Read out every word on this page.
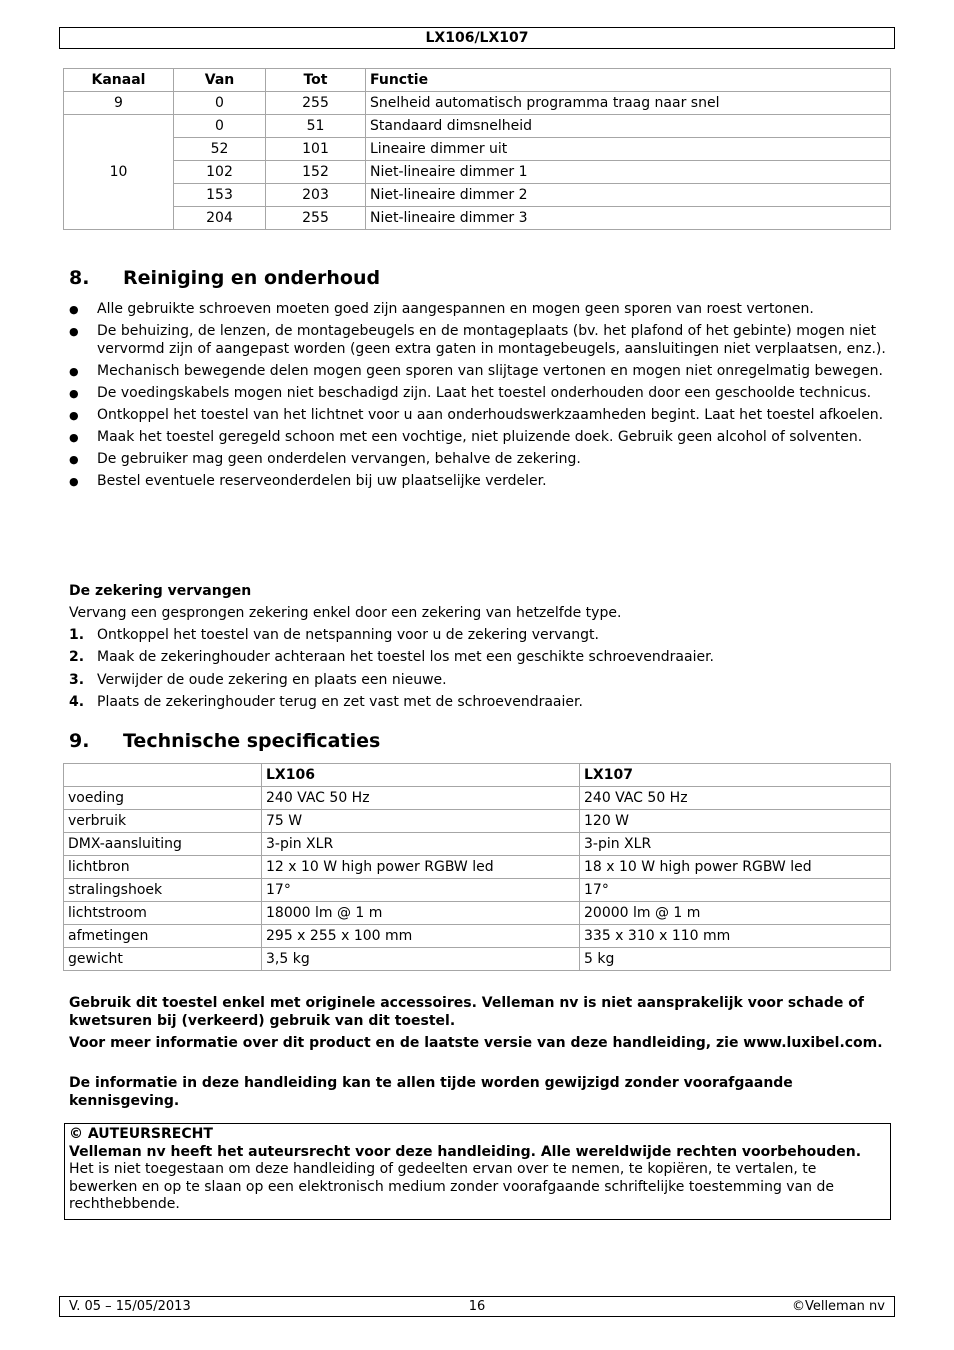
LX106/LX107
Kanaal	Van	Tot	Functie
9	0	255	Snelheid automatisch programma traag naar snel
10	0	51	Standaard dimsnelheid
	52	101	Lineaire dimmer uit
	102	152	Niet-lineaire dimmer 1
	153	203	Niet-lineaire dimmer 2
	204	255	Niet-lineaire dimmer 3
8. Reiniging en onderhoud
● Alle gebruikte schroeven moeten goed zijn aangespannen en mogen geen sporen van roest vertonen.
● De behuizing, de lenzen, de montagebeugels en de montageplaats (bv. het plafond of het gebinte) mogen niet vervormd zijn of aangepast worden (geen extra gaten in montagebeugels, aansluitingen niet verplaatsen, enz.).
● Mechanisch bewegende delen mogen geen sporen van slijtage vertonen en mogen niet onregelmatig bewegen.
● De voedingskabels mogen niet beschadigd zijn. Laat het toestel onderhouden door een geschoolde technicus.
● Ontkoppel het toestel van het lichtnet voor u aan onderhoudswerkzaamheden begint. Laat het toestel afkoelen.
● Maak het toestel geregeld schoon met een vochtige, niet pluizende doek. Gebruik geen alcohol of solventen.
● De gebruiker mag geen onderdelen vervangen, behalve de zekering.
● Bestel eventuele reserveonderdelen bij uw plaatselijke verdeler.

De zekering vervangen

Vervang een gesprongen zekering enkel door een zekering van hetzelfde type.

1. Ontkoppel het toestel van de netspanning voor u de zekering vervangt.
2. Maak de zekeringhouder achteraan het toestel los met een geschikte schroevendraaier.
3. Verwijder de oude zekering en plaats een nieuwe.
4. Plaats de zekeringhouder terug en zet vast met de schroevendraaier.
9. Technische specificaties
	LX106	LX107
voeding	240 VAC 50 Hz	240 VAC 50 Hz
verbruik	75 W	120 W
DMX-aansluiting	3-pin XLR	3-pin XLR
lichtbron	12 x 10 W high power RGBW led	18 x 10 W high power RGBW led
stralingshoek	17°	17°
lichtstroom	18000 lm @ 1 m	20000 lm @ 1 m
afmetingen	295 x 255 x 100 mm	335 x 310 x 110 mm
gewicht	3,5 kg	5 kg

Gebruik dit toestel enkel met originele accessoires. Velleman nv is niet aansprakelijk voor schade of kwetsuren bij (verkeerd) gebruik van dit toestel.

Voor meer informatie over dit product en de laatste versie van deze handleiding, zie www.luxibel.com.

De informatie in deze handleiding kan te allen tijde worden gewijzigd zonder voorafgaande kennisgeving.

© AUTEURSRECHT
Velleman nv heeft het auteursrecht voor deze handleiding. Alle wereldwijde rechten voorbehouden.
Het is niet toegestaan om deze handleiding of gedeelten ervan over te nemen, te kopiëren, te vertalen, te bewerken en op te slaan op een elektronisch medium zonder voorafgaande schriftelijke toestemming van de rechthebbende.
V. 05 – 15/05/2013	16	©Velleman nv
